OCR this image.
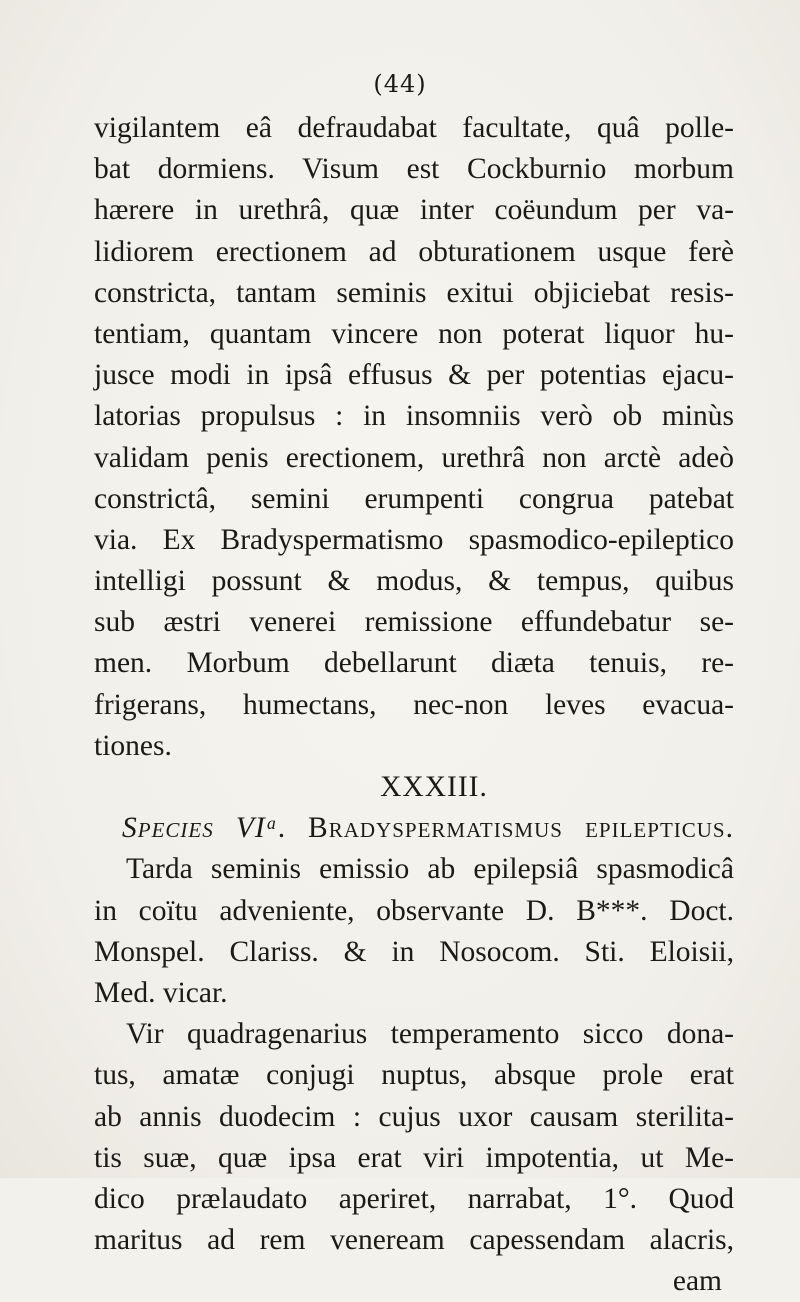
(44)
vigilantem eâ defraudabat facultate, quâ polle-
bat dormiens. Visum est Cockburnio morbum
hærere in urethrâ, quæ inter coëundum per va-
lidiorem erectionem ad obturationem usque ferè
constricta, tantam seminis exitui objiciebat resis-
tentiam, quantam vincere non poterat liquor hu-
jusce modi in ipsâ effusus & per potentias ejacu-
latorias propulsus : in insomniis verò ob minùs
validam penis erectionem, urethrâ non arctè adeò
constrictâ, semini erumpenti congrua patebat
via. Ex Bradyspermatismo spasmodico-epileptico
intelligi possunt & modus, & tempus, quibus
sub æstri venerei remissione effundebatur se-
men. Morbum debellarunt diæta tenuis, re-
frigerans, humectans, nec-non leves evacua-
tiones.
XXXIII.
Species VIᵃ. Bradyspermatismus epilepticus.
Tarda seminis emissio ab epilepsiâ spasmodicâ
in coïtu adveniente, observante D. B***. Doct.
Monspel. Clariss. & in Nosocom. Sti. Eloisii,
Med. vicar.
Vir quadragenarius temperamento sicco dona-
tus, amatæ conjugi nuptus, absque prole erat
ab annis duodecim : cujus uxor causam sterilita-
tis suæ, quæ ipsa erat viri impotentia, ut Me-
dico prælaudato aperiret, narrabat, 1°. Quod
maritus ad rem veneream capessendam alacris,
eam
